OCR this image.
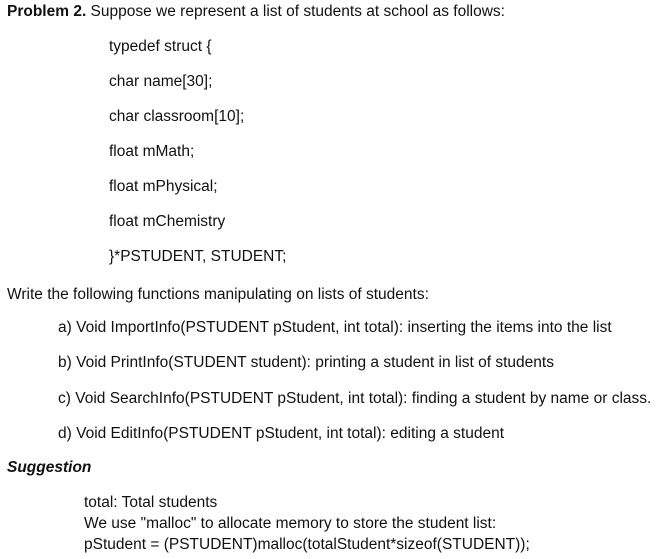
Problem 2. Suppose we represent a list of students at school as follows:
typedef struct {
char name[30];
char classroom[10];
float mMath;
float mPhysical;
float mChemistry
}*PSTUDENT, STUDENT;
Write the following functions manipulating on lists of students:
a) Void ImportInfo(PSTUDENT pStudent, int total): inserting the items into the list
b) Void PrintInfo(STUDENT student): printing a student in list of students
c) Void SearchInfo(PSTUDENT pStudent, int total): finding a student by name or class.
d) Void EditInfo(PSTUDENT pStudent, int total): editing a student
Suggestion
total: Total students
We use "malloc" to allocate memory to store the student list:
pStudent = (PSTUDENT)malloc(totalStudent*sizeof(STUDENT));
